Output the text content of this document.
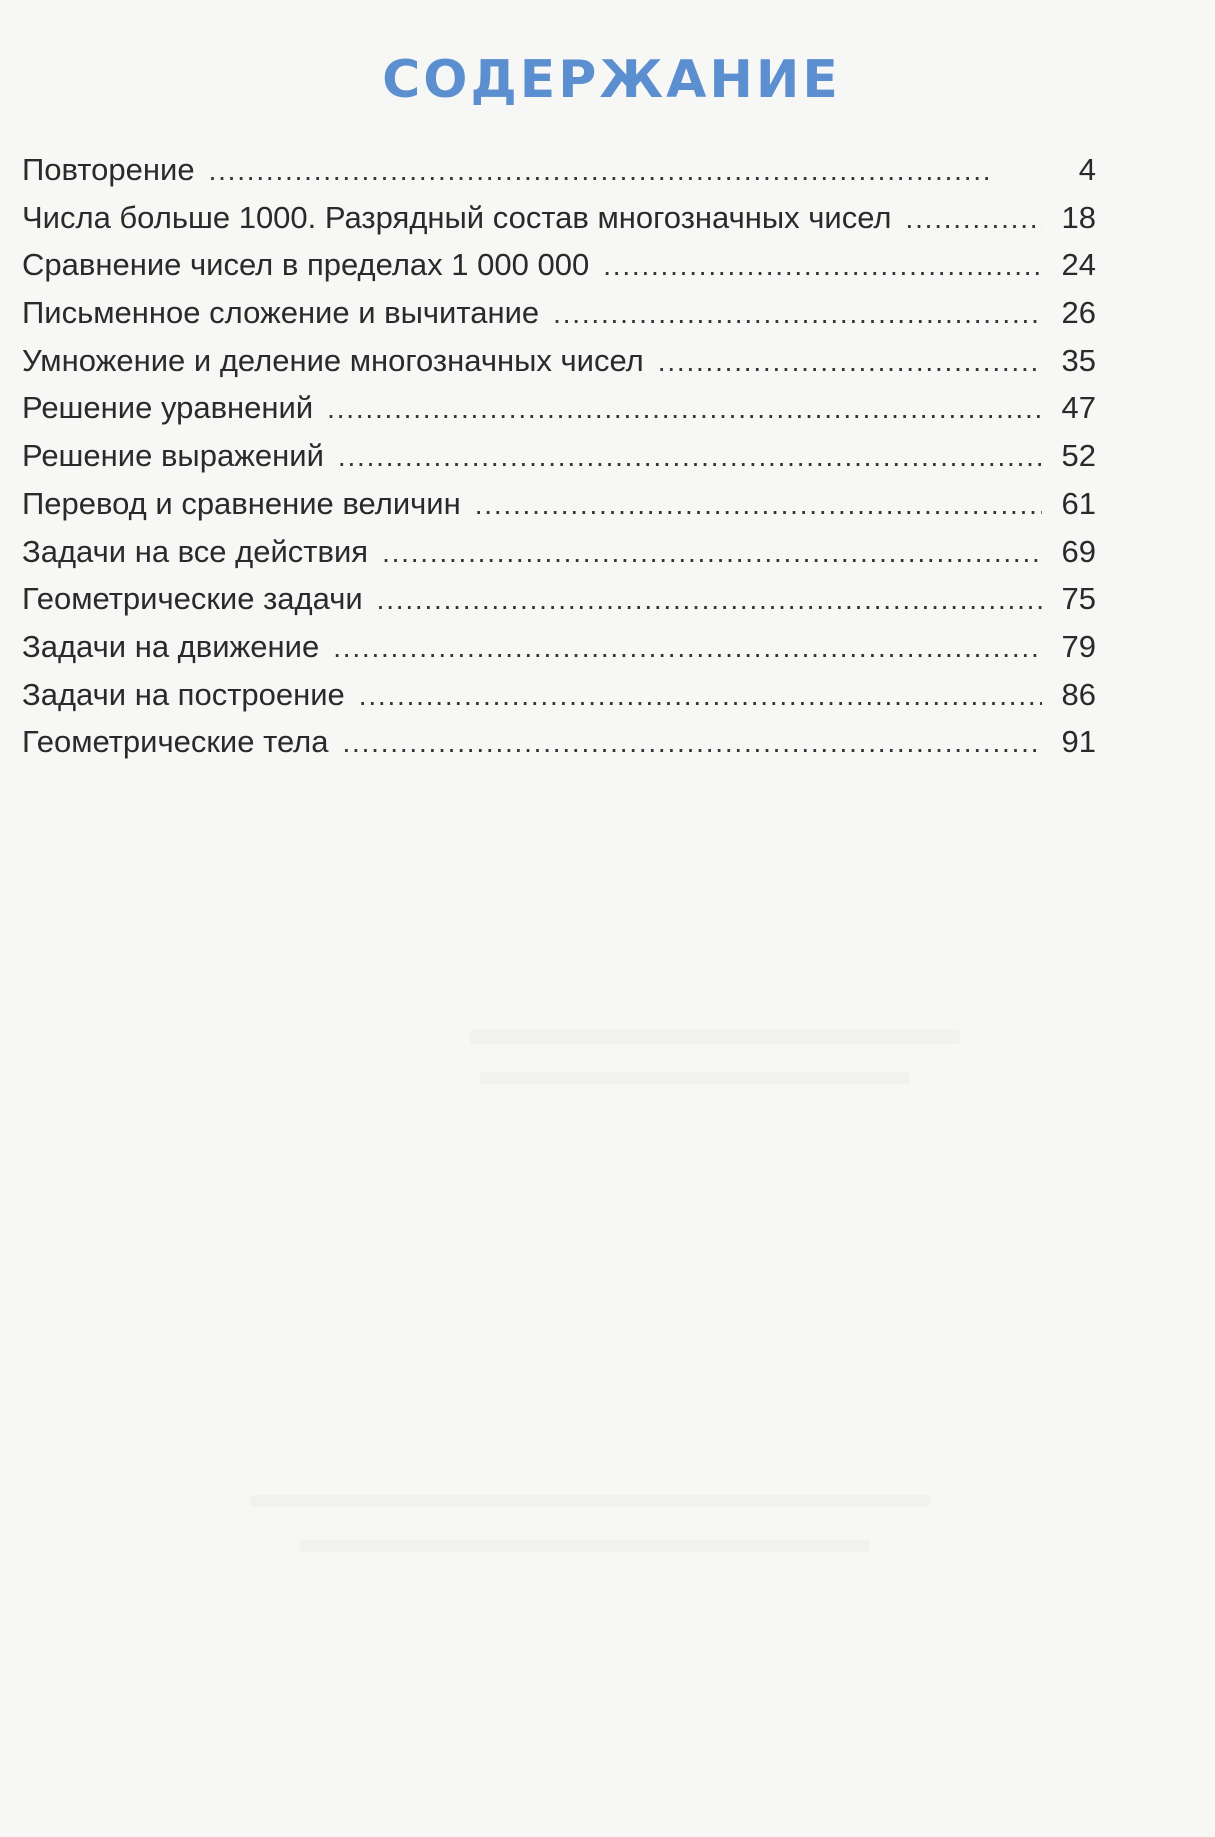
СОДЕРЖАНИЕ
Повторение . . .	4
Числа больше 1000. Разрядный состав многозначных чисел . . .	18
Сравнение чисел в пределах 1 000 000 . . .	24
Письменное сложение и вычитание . . .	26
Умножение и деление многозначных чисел . . .	35
Решение уравнений . . .	47
Решение выражений . . .	52
Перевод и сравнение величин . . .	61
Задачи на все действия . . .	69
Геометрические задачи . . .	75
Задачи на движение . . .	79
Задачи на построение . . .	86
Геометрические тела . . .	91
